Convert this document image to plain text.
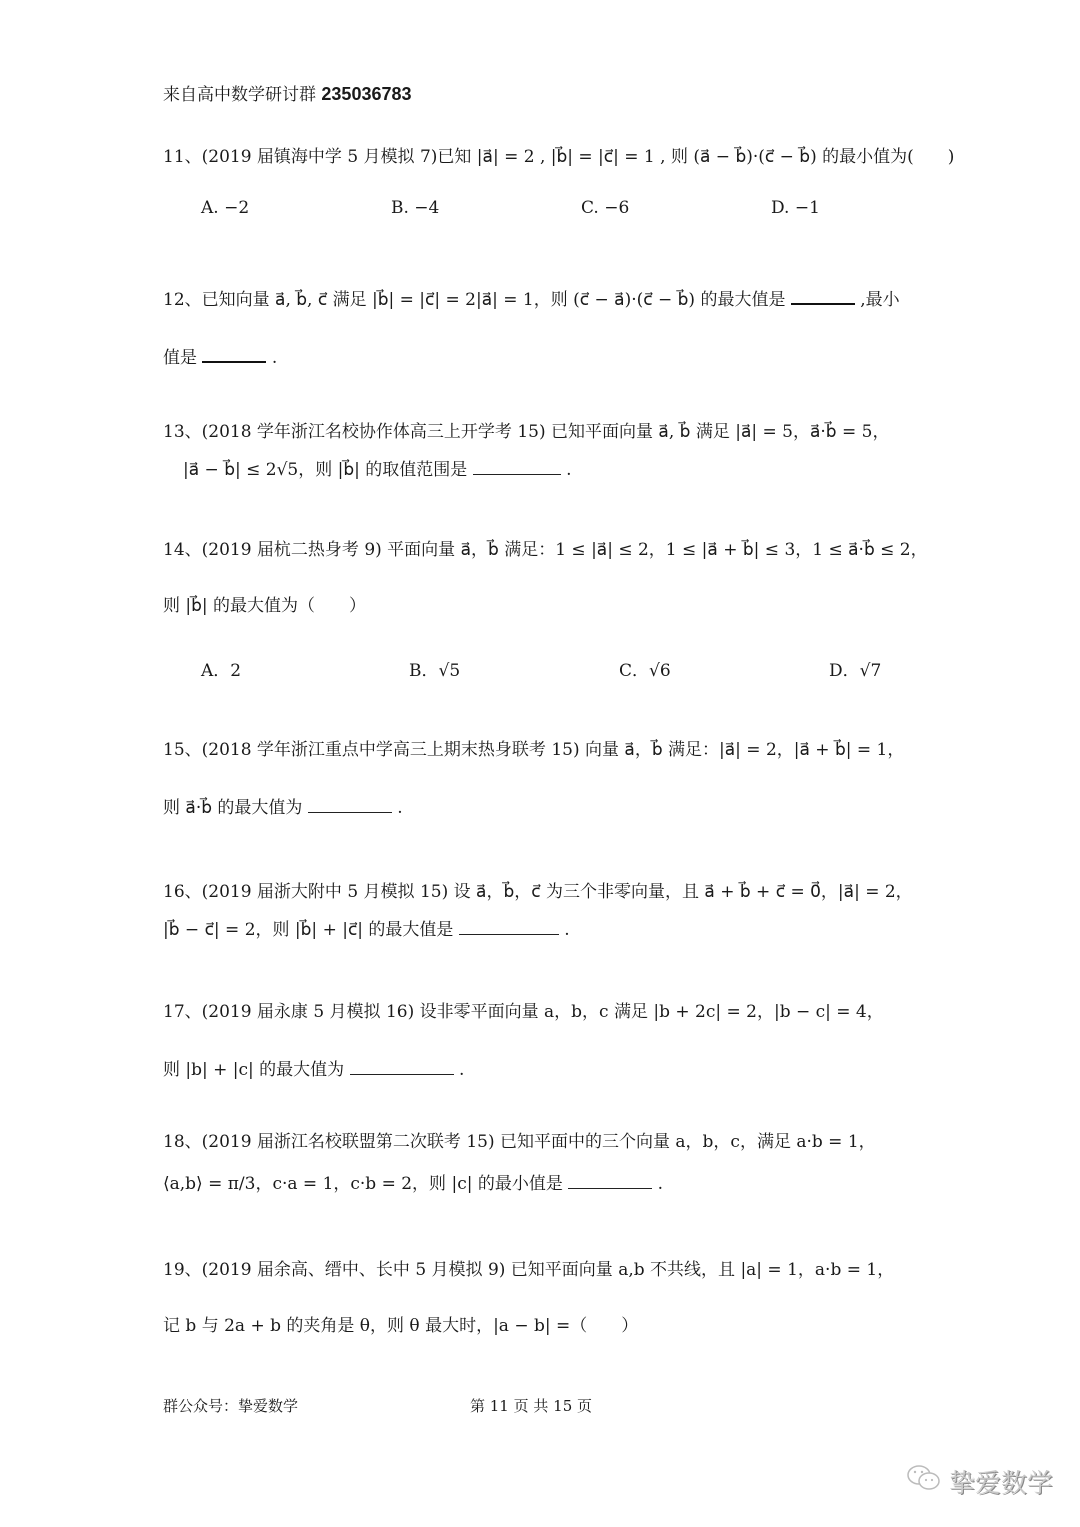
来自高中数学研讨群 235036783
11、(2019 届镇海中学 5 月模拟 7)已知 |a⃗| = 2 , |b⃗| = |c⃗| = 1 , 则 (a⃗ − b⃗)·(c⃗ − b⃗) 的最小值为(　　)
A. −2	B. −4	C. −6	D. −1
12、已知向量 a⃗, b⃗, c⃗ 满足 |b⃗| = |c⃗| = 2|a⃗| = 1，则 (c⃗ − a⃗)·(c⃗ − b⃗) 的最大值是	,最小
值是	.
13、(2018 学年浙江名校协作体高三上开学考 15) 已知平面向量 a⃗, b⃗ 满足 |a⃗| = 5，a⃗·b⃗ = 5，
|a⃗ − b⃗| ≤ 2√5，则 |b⃗| 的取值范围是	.
14、(2019 届杭二热身考 9) 平面向量 a⃗，b⃗ 满足：1 ≤ |a⃗| ≤ 2，1 ≤ |a⃗ + b⃗| ≤ 3，1 ≤ a⃗·b⃗ ≤ 2，
则 |b⃗| 的最大值为（　　）
A．2	B．√5	C．√6	D．√7
15、(2018 学年浙江重点中学高三上期末热身联考 15) 向量 a⃗，b⃗ 满足：|a⃗| = 2，|a⃗ + b⃗| = 1，
则 a⃗·b⃗ 的最大值为	.
16、(2019 届浙大附中 5 月模拟 15) 设 a⃗，b⃗，c⃗ 为三个非零向量，且 a⃗ + b⃗ + c⃗ = 0⃗，|a⃗| = 2，
|b⃗ − c⃗| = 2，则 |b⃗| + |c⃗| 的最大值是	.
17、(2019 届永康 5 月模拟 16) 设非零平面向量 a，b，c 满足 |b + 2c| = 2，|b − c| = 4，
则 |b| + |c| 的最大值为	.
18、(2019 届浙江名校联盟第二次联考 15) 已知平面中的三个向量 a，b，c，满足 a·b = 1，
⟨a,b⟩ = π/3，c·a = 1，c·b = 2，则 |c| 的最小值是	.
19、(2019 届余高、缙中、长中 5 月模拟 9) 已知平面向量 a,b 不共线，且 |a| = 1，a·b = 1，
记 b 与 2a + b 的夹角是 θ，则 θ 最大时，|a − b| =（　　）
群公众号：挚爱数学	第 11 页 共 15 页
挚爱数学
